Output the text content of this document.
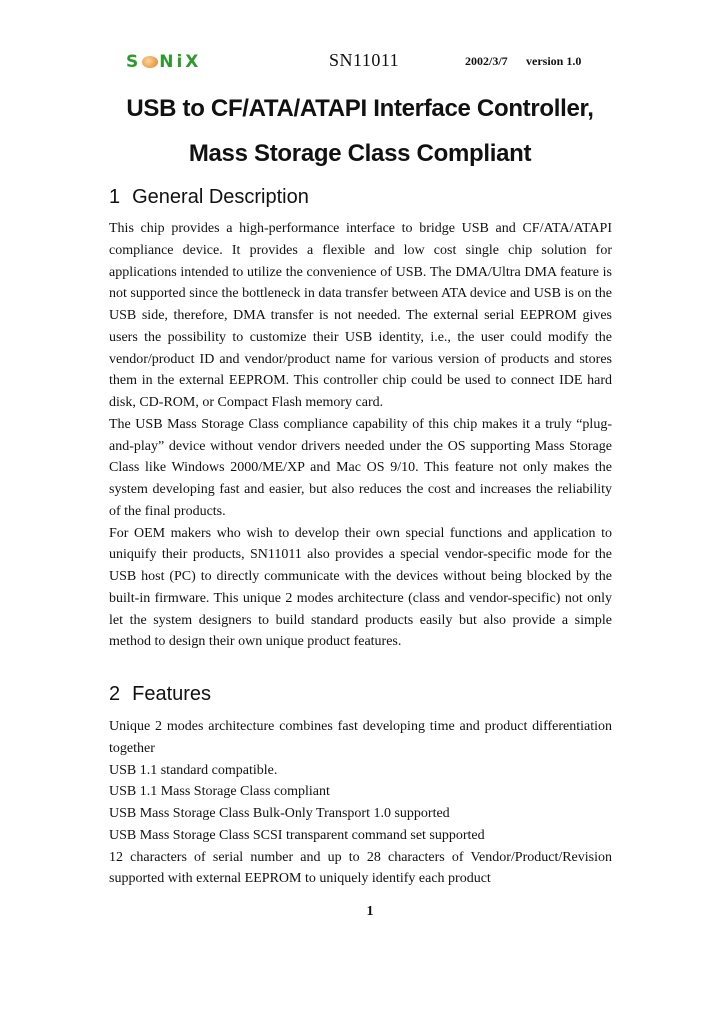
S NiX	SN11011	2002/3/7 version 1.0
USB to CF/ATA/ATAPI Interface Controller,
Mass Storage Class Compliant
1 General Description

This chip provides a high-performance interface to bridge USB and CF/ATA/ATAPI compliance device. It provides a flexible and low cost single chip solution for applications intended to utilize the convenience of USB. The DMA/Ultra DMA feature is not supported since the bottleneck in data transfer between ATA device and USB is on the USB side, therefore, DMA transfer is not needed. The external serial EEPROM gives users the possibility to customize their USB identity, i.e., the user could modify the vendor/product ID and vendor/product name for various version of products and stores them in the external EEPROM. This controller chip could be used to connect IDE hard disk, CD-ROM, or Compact Flash memory card.

The USB Mass Storage Class compliance capability of this chip makes it a truly “plug-and-play” device without vendor drivers needed under the OS supporting Mass Storage Class like Windows 2000/ME/XP and Mac OS 9/10. This feature not only makes the system developing fast and easier, but also reduces the cost and increases the reliability of the final products.

For OEM makers who wish to develop their own special functions and application to uniquify their products, SN11011 also provides a special vendor-specific mode for the USB host (PC) to directly communicate with the devices without being blocked by the built-in firmware. This unique 2 modes architecture (class and vendor-specific) not only let the system designers to build standard products easily but also provide a simple method to design their own unique product features.

2 Features

Unique 2 modes architecture combines fast developing time and product differentiation together

USB 1.1 standard compatible.

USB 1.1 Mass Storage Class compliant

USB Mass Storage Class Bulk-Only Transport 1.0 supported

USB Mass Storage Class SCSI transparent command set supported

12 characters of serial number and up to 28 characters of Vendor/Product/Revision supported with external EEPROM to uniquely identify each product

1
